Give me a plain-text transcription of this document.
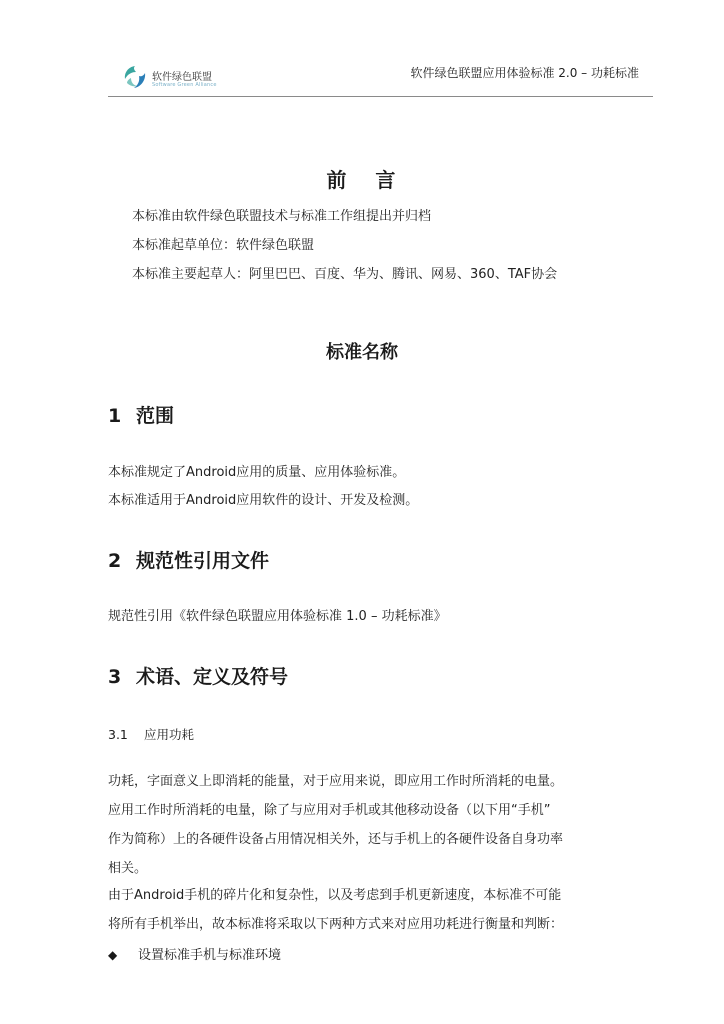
软件绿色联盟
Software Green Alliance
软件绿色联盟应用体验标准 2.0 – 功耗标准
前   言
本标准由软件绿色联盟技术与标准工作组提出并归档
本标准起草单位：软件绿色联盟
本标准主要起草人：阿里巴巴、百度、华为、腾讯、网易、360、TAF协会
标准名称
1 范围
本标准规定了Android应用的质量、应用体验标准。
本标准适用于Android应用软件的设计、开发及检测。
2 规范性引用文件
规范性引用《软件绿色联盟应用体验标准 1.0 – 功耗标准》
3 术语、定义及符号
3.1 应用功耗
功耗，字面意义上即消耗的能量，对于应用来说，即应用工作时所消耗的电量。
应用工作时所消耗的电量，除了与应用对手机或其他移动设备（以下用“手机”
作为简称）上的各硬件设备占用情况相关外，还与手机上的各硬件设备自身功率
相关。
由于Android手机的碎片化和复杂性，以及考虑到手机更新速度，本标准不可能
将所有手机举出，故本标准将采取以下两种方式来对应用功耗进行衡量和判断：
◆ 设置标准手机与标准环境
